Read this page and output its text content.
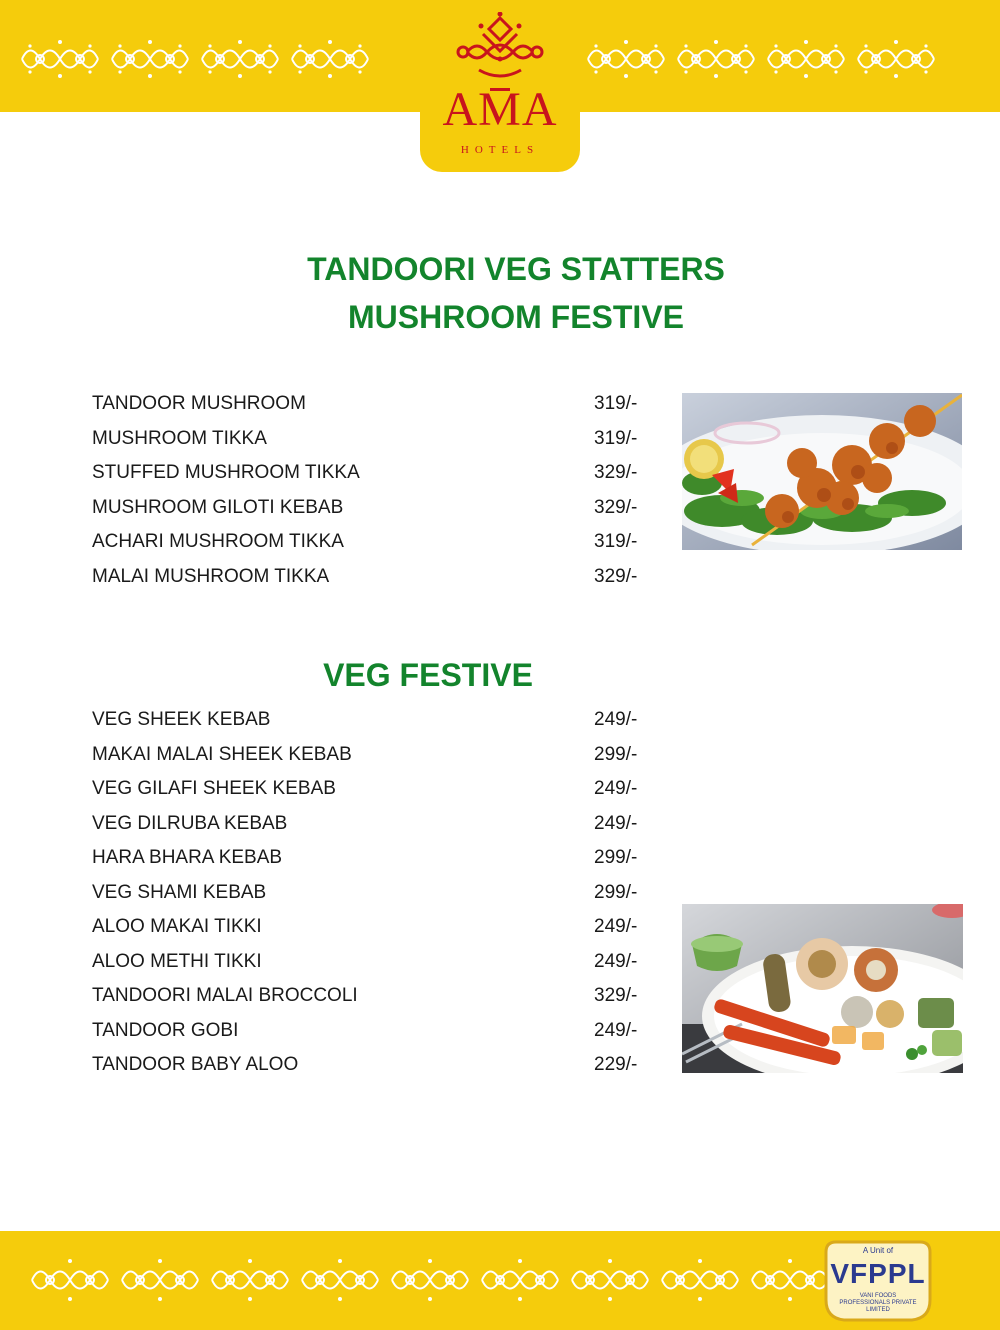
AMA
HOTELS
TANDOORI VEG STATTERS
MUSHROOM FESTIVE
TANDOOR MUSHROOM	319/-
MUSHROOM TIKKA	319/-
STUFFED MUSHROOM TIKKA	329/-
MUSHROOM GILOTI KEBAB	329/-
ACHARI MUSHROOM TIKKA	319/-
MALAI MUSHROOM TIKKA	329/-
VEG FESTIVE
VEG SHEEK KEBAB	249/-
MAKAI MALAI SHEEK KEBAB	299/-
VEG GILAFI SHEEK KEBAB	249/-
VEG DILRUBA KEBAB	249/-
HARA BHARA KEBAB	299/-
VEG SHAMI KEBAB	299/-
ALOO MAKAI TIKKI	249/-
ALOO METHI TIKKI	249/-
TANDOORI MALAI BROCCOLI	329/-
TANDOOR GOBI	249/-
TANDOOR BABY ALOO	229/-
A Unit of
VFPPL
VANI FOODS PROFESSIONALS PRIVATE LIMITED
